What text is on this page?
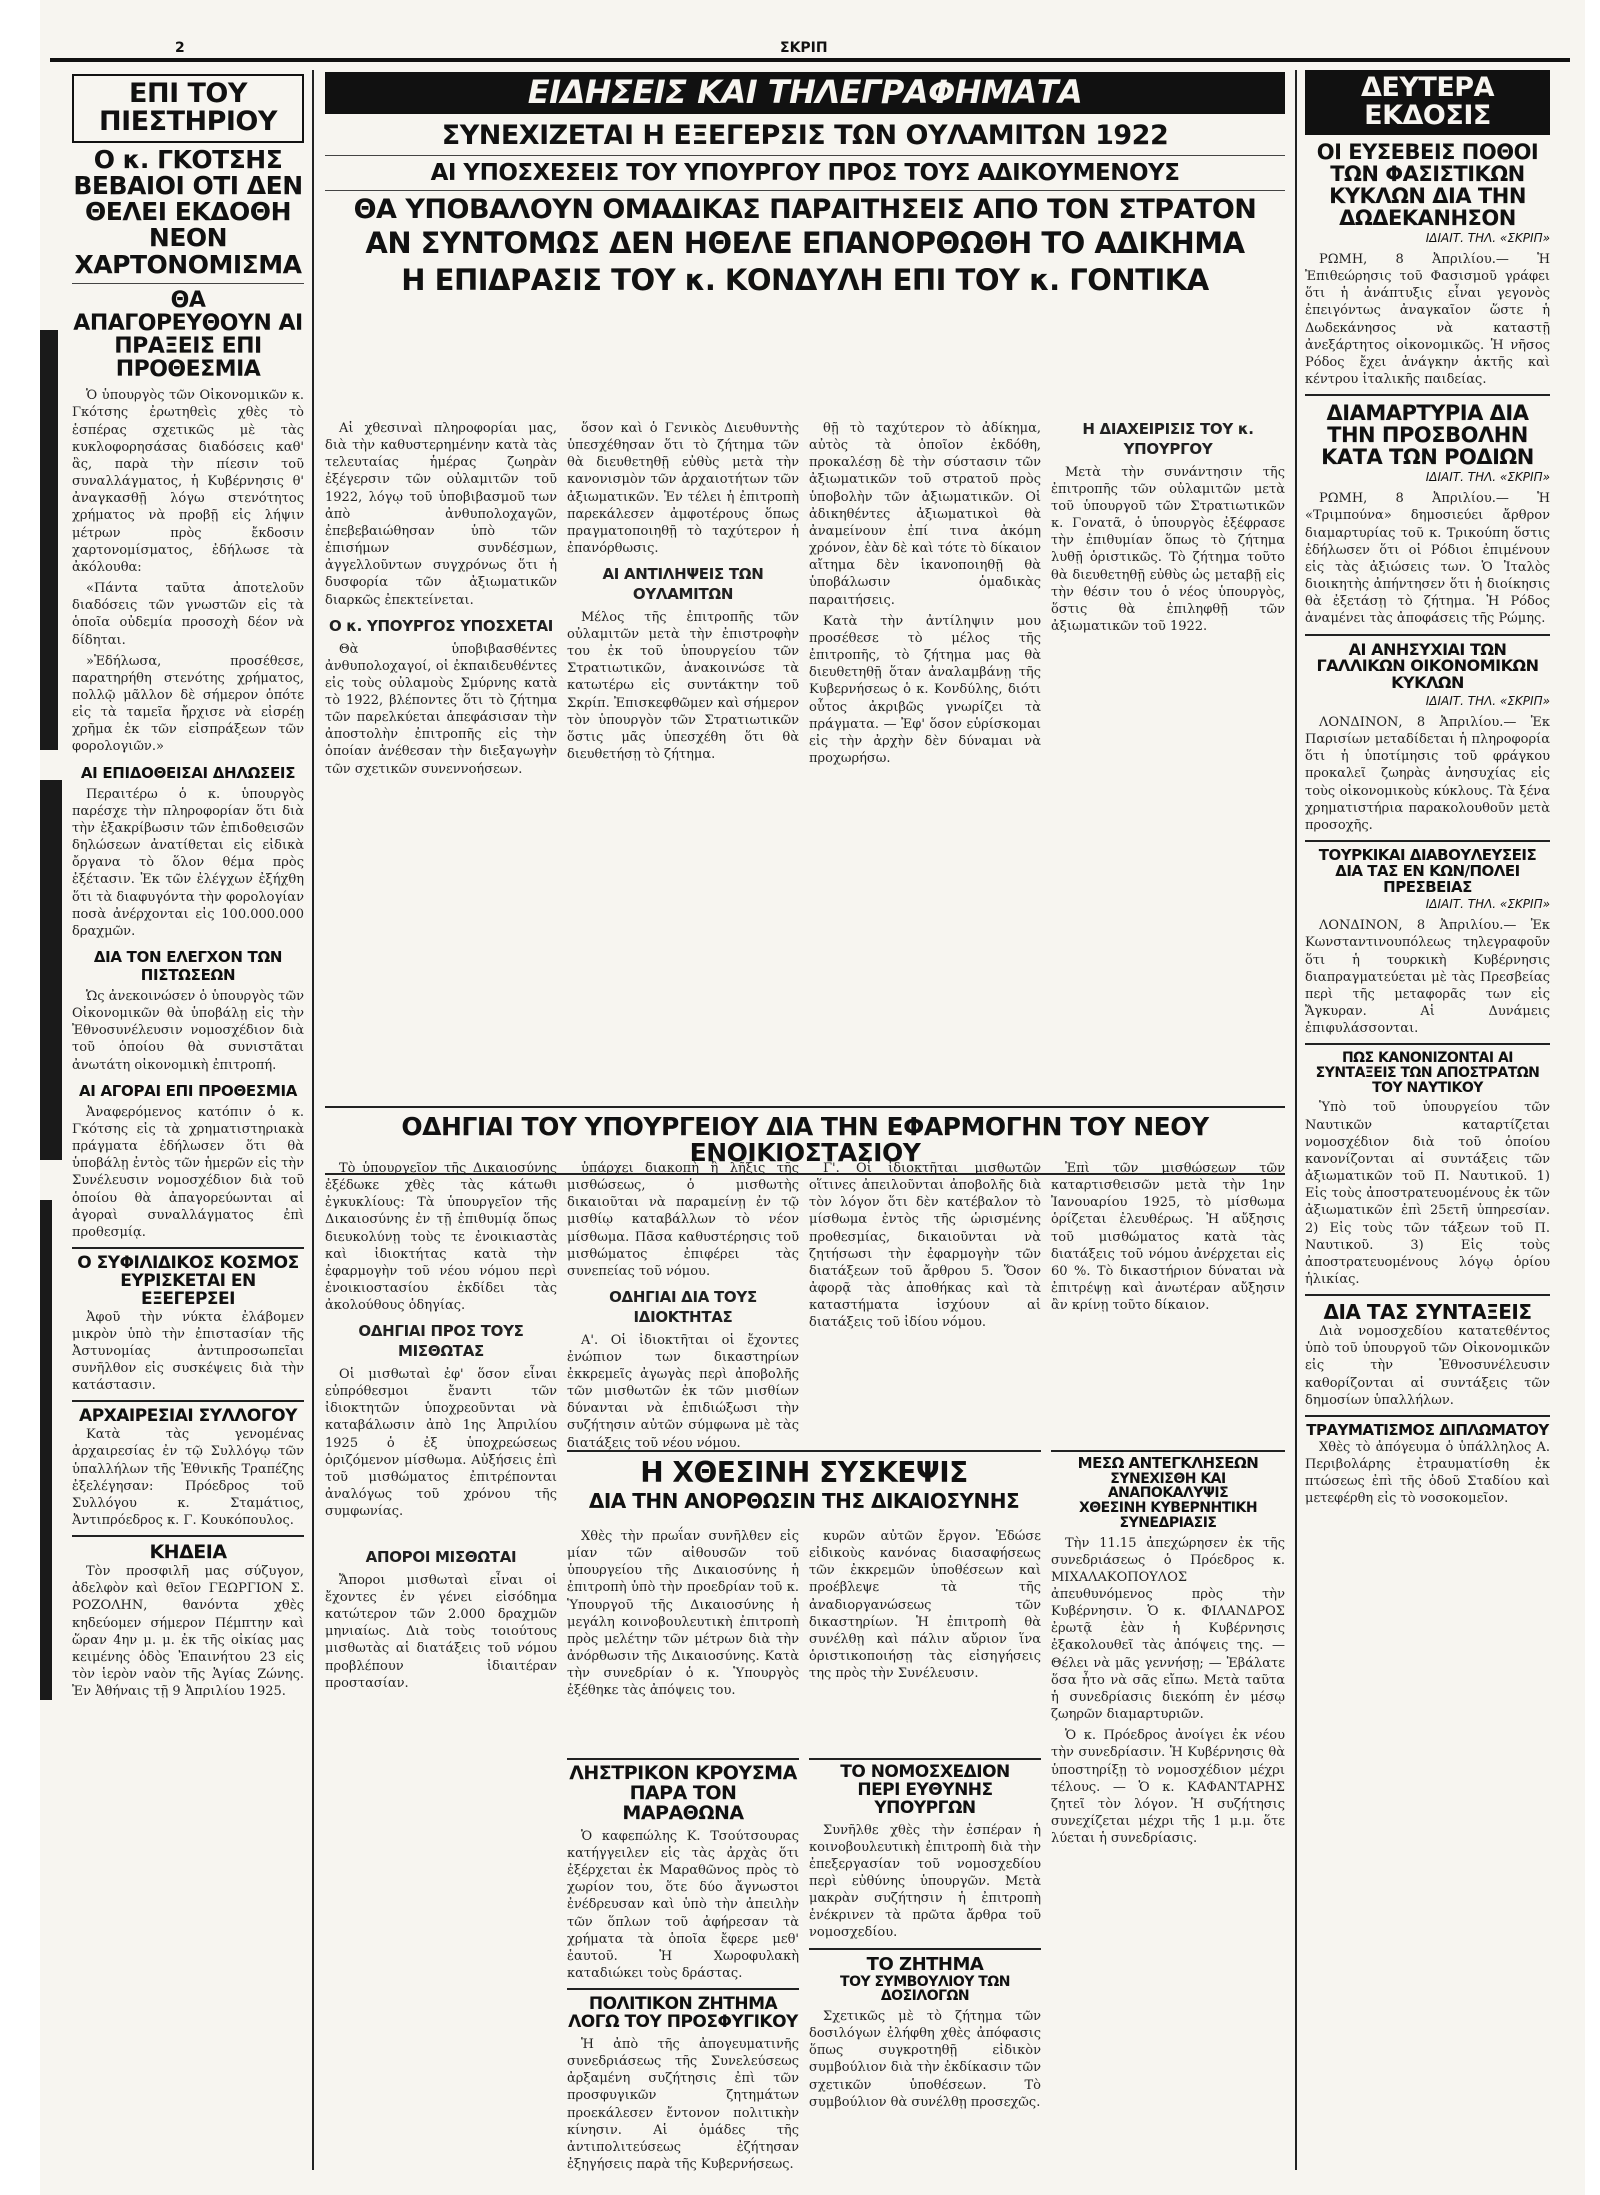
2	ΣΚΡΙΠ
ΕΠΙ ΤΟΥ ΠΙΕΣΤΗΡΙΟΥ
Ο κ. ΓΚΟΤΣΗΣ ΒΕΒΑΙΟΙ ΟΤΙ ΔΕΝ ΘΕΛΕΙ ΕΚΔΟΘΗ ΝΕΟΝ ΧΑΡΤΟΝΟΜΙΣΜΑ
ΘΑ ΑΠΑΓΟΡΕΥΘΟΥΝ ΑΙ ΠΡΑΞΕΙΣ ΕΠΙ ΠΡΟΘΕΣΜΙΑ

Ὁ ὑπουργὸς τῶν Οἰκονομικῶν κ. Γκότσης ἐρωτηθεὶς χθὲς τὸ ἑσπέρας σχετικῶς μὲ τὰς κυκλοφορησάσας διαδόσεις καθ' ἃς, παρὰ τὴν πίεσιν τοῦ συναλλάγματος, ἡ Κυβέρνησις θ' ἀναγκασθῇ λόγω στενότητος χρήματος νὰ προβῇ εἰς λήψιν μέτρων πρὸς ἔκδοσιν χαρτονομίσματος, ἐδήλωσε τὰ ἀκόλουθα:

«Πάντα ταῦτα ἀποτελοῦν διαδόσεις τῶν γνωστῶν εἰς τὰ ὁποῖα οὐδεμία προσοχὴ δέον νὰ δίδηται.

»Ἐδήλωσα, προσέθεσε, παρατηρήθη στενότης χρήματος, πολλῷ μᾶλλον δὲ σήμερον ὁπότε εἰς τὰ ταμεῖα ἤρχισε νὰ εἰσρέῃ χρῆμα ἐκ τῶν εἰσπράξεων τῶν φορολογιῶν.»

ΑΙ ΕΠΙΔΟΘΕΙΣΑΙ ΔΗΛΩΣΕΙΣ

Περαιτέρω ὁ κ. ὑπουργὸς παρέσχε τὴν πληροφορίαν ὅτι διὰ τὴν ἐξακρίβωσιν τῶν ἐπιδοθεισῶν δηλώσεων ἀνατίθεται εἰς εἰδικὰ ὄργανα τὸ ὅλον θέμα πρὸς ἐξέτασιν. Ἐκ τῶν ἐλέγχων ἐξήχθη ὅτι τὰ διαφυγόντα τὴν φορολογίαν ποσὰ ἀνέρχονται εἰς 100.000.000 δραχμῶν.

ΔΙΑ ΤΟΝ ΕΛΕΓΧΟΝ ΤΩΝ ΠΙΣΤΩΣΕΩΝ

Ὡς ἀνεκοινώσεν ὁ ὑπουργὸς τῶν Οἰκονομικῶν θὰ ὑποβάλῃ εἰς τὴν Ἐθνοσυνέλευσιν νομοσχέδιον διὰ τοῦ ὁποίου θὰ συνιστᾶται ἀνωτάτη οἰκονομικὴ ἐπιτροπή.

ΑΙ ΑΓΟΡΑΙ ΕΠΙ ΠΡΟΘΕΣΜΙΑ

Ἀναφερόμενος κατόπιν ὁ κ. Γκότσης εἰς τὰ χρηματιστηριακὰ πράγματα ἐδήλωσεν ὅτι θὰ ὑποβάλῃ ἐντὸς τῶν ἡμερῶν εἰς τὴν Συνέλευσιν νομοσχέδιον διὰ τοῦ ὁποίου θὰ ἀπαγορεύωνται αἱ ἀγοραὶ συναλλάγματος ἐπὶ προθεσμίᾳ.

Ο ΣΥΦΙΛΙΔΙΚΟΣ ΚΟΣΜΟΣ ΕΥΡΙΣΚΕΤΑΙ ΕΝ ΕΞΕΓΕΡΣΕΙ

Ἀφοῦ τὴν νύκτα ἐλάβομεν μικρὸν ὑπὸ τὴν ἐπιστασίαν τῆς Ἀστυνομίας ἀντιπροσωπεῖαι συνῆλθον εἰς συσκέψεις διὰ τὴν κατάστασιν.

ΑΡΧΑΙΡΕΣΙΑΙ ΣΥΛΛΟΓΟΥ

Κατὰ τὰς γενομένας ἀρχαιρεσίας ἐν τῷ Συλλόγῳ τῶν ὑπαλλήλων τῆς Ἐθνικῆς Τραπέζης ἐξελέγησαν: Πρόεδρος τοῦ Συλλόγου κ. Σταμάτιος, Ἀντιπρόεδρος κ. Γ. Κουκόπουλος.

ΚΗΔΕΙΑ

Τὸν προσφιλῆ μας σύζυγον, ἀδελφὸν καὶ θεῖον ΓΕΩΡΓΙΟΝ Σ. ΡΟΖΟΛΗΝ, θανόντα χθὲς κηδεύομεν σήμερον Πέμπτην καὶ ὥραν 4ην μ. μ. ἐκ τῆς οἰκίας μας κειμένης ὁδὸς Ἐπαινήτου 23 εἰς τὸν ἱερὸν ναὸν τῆς Ἁγίας Ζώνης. Ἐν Ἀθήναις τῇ 9 Ἀπριλίου 1925.

ΕΙΔΗΣΕΙΣ ΚΑΙ ΤΗΛΕΓΡΑΦΗΜΑΤΑ
ΣΥΝΕΧΙΖΕΤΑΙ Η ΕΞΕΓΕΡΣΙΣ ΤΩΝ ΟΥΛΑΜΙΤΩΝ 1922
ΑΙ ΥΠΟΣΧΕΣΕΙΣ ΤΟΥ ΥΠΟΥΡΓΟΥ ΠΡΟΣ ΤΟΥΣ ΑΔΙΚΟΥΜΕΝΟΥΣ
ΘΑ ΥΠΟΒΑΛΟΥΝ ΟΜΑΔΙΚΑΣ ΠΑΡΑΙΤΗΣΕΙΣ ΑΠΟ ΤΟΝ ΣΤΡΑΤΟΝ
ΑΝ ΣΥΝΤΟΜΩΣ ΔΕΝ ΗΘΕΛΕ ΕΠΑΝΟΡΘΩΘΗ ΤΟ ΑΔΙΚΗΜΑ
Η ΕΠΙΔΡΑΣΙΣ ΤΟΥ κ. ΚΟΝΔΥΛΗ ΕΠΙ ΤΟΥ κ. ΓΟΝΤΙΚΑ

Αἱ χθεσιναὶ πληροφορίαι μας, διὰ τὴν καθυστερημένην κατὰ τὰς τελευταίας ἡμέρας ζωηρὰν ἐξέγερσιν τῶν οὐλαμιτῶν τοῦ 1922, λόγῳ τοῦ ὑποβιβασμοῦ των ἀπὸ ἀνθυπολοχαγῶν, ἐπεβεβαιώθησαν ὑπὸ τῶν ἐπισήμων συνδέσμων, ἀγγελλοῦντων συγχρόνως ὅτι ἡ δυσφορία τῶν ἀξιωματικῶν διαρκῶς ἐπεκτείνεται.

Ο κ. ΥΠΟΥΡΓΟΣ ΥΠΟΣΧΕΤΑΙ

Θὰ ὑποβιβασθέντες ἀνθυπολοχαγοί, οἱ ἐκπαιδευθέντες εἰς τοὺς οὐλαμοὺς Σμύρνης κατὰ τὸ 1922, βλέποντες ὅτι τὸ ζήτημα τῶν παρελκύεται ἀπεφάσισαν τὴν ἀποστολὴν ἐπιτροπῆς εἰς τὴν ὁποίαν ἀνέθεσαν τὴν διεξαγωγὴν τῶν σχετικῶν συνεννοήσεων.

ὅσον καὶ ὁ Γενικὸς Διευθυντὴς ὑπεσχέθησαν ὅτι τὸ ζήτημα τῶν θὰ διευθετηθῇ εὐθὺς μετὰ τὴν κανονισμὸν τῶν ἀρχαιοτήτων τῶν ἀξιωματικῶν. Ἐν τέλει ἡ ἐπιτροπὴ παρεκάλεσεν ἀμφοτέρους ὅπως πραγματοποιηθῇ τὸ ταχύτερον ἡ ἐπανόρθωσις.

ΑΙ ΑΝΤΙΛΗΨΕΙΣ ΤΩΝ ΟΥΛΑΜΙΤΩΝ

Μέλος τῆς ἐπιτροπῆς τῶν οὐλαμιτῶν μετὰ τὴν ἐπιστροφὴν του ἐκ τοῦ ὑπουργείου τῶν Στρατιωτικῶν, ἀνακοινώσε τὰ κατωτέρω εἰς συντάκτην τοῦ Σκρίπ. Ἐπισκεφθῶμεν καὶ σήμερον τὸν ὑπουργὸν τῶν Στρατιωτικῶν ὅστις μᾶς ὑπεσχέθη ὅτι θὰ διευθετήσῃ τὸ ζήτημα.

θῇ τὸ ταχύτερον τὸ ἀδίκημα, αὐτὸς τὰ ὁποῖον ἐκδόθη, προκαλέσῃ δὲ τὴν σύστασιν τῶν ἀξιωματικῶν τοῦ στρατοῦ πρὸς ὑποβολὴν τῶν ἀξιωματικῶν. Οἱ ἀδικηθέντες ἀξιωματικοὶ θὰ ἀναμείνουν ἐπί τινα ἀκόμη χρόνον, ἐὰν δὲ καὶ τότε τὸ δίκαιον αἴτημα δὲν ἱκανοποιηθῇ θὰ ὑποβάλωσιν ὁμαδικὰς παραιτήσεις.

Κατὰ τὴν ἀντίληψιν μου προσέθεσε τὸ μέλος τῆς ἐπιτροπῆς, τὸ ζήτημα μας θὰ διευθετηθῇ ὅταν ἀναλαμβάνῃ τῆς Κυβερνήσεως ὁ κ. Κονδύλης, διότι οὗτος ἀκριβῶς γνωρίζει τὰ πράγματα. — Ἐφ' ὅσον εὑρίσκομαι εἰς τὴν ἀρχὴν δὲν δύναμαι νὰ προχωρήσω.

Η ΔΙΑΧΕΙΡΙΣΙΣ ΤΟΥ κ. ΥΠΟΥΡΓΟΥ

Μετὰ τὴν συνάντησιν τῆς ἐπιτροπῆς τῶν οὐλαμιτῶν μετὰ τοῦ ὑπουργοῦ τῶν Στρατιωτικῶν κ. Γονατᾶ, ὁ ὑπουργὸς ἐξέφρασε τὴν ἐπιθυμίαν ὅπως τὸ ζήτημα λυθῇ ὁριστικῶς. Τὸ ζήτημα τοῦτο θὰ διευθετηθῇ εὐθὺς ὡς μεταβῇ εἰς τὴν θέσιν του ὁ νέος ὑπουργὸς, ὅστις θὰ ἐπιληφθῇ τῶν ἀξιωματικῶν τοῦ 1922.

ΟΔΗΓΙΑΙ ΤΟΥ ΥΠΟΥΡΓΕΙΟΥ ΔΙΑ ΤΗΝ ΕΦΑΡΜΟΓΗΝ ΤΟΥ ΝΕΟΥ ΕΝΟΙΚΙΟΣΤΑΣΙΟΥ

Τὸ ὑπουργεῖον τῆς Δικαιοσύνης ἐξέδωκε χθὲς τὰς κάτωθι ἐγκυκλίους: Τὰ ὑπουργεῖον τῆς Δικαιοσύνης ἐν τῇ ἐπιθυμίᾳ ὅπως διευκολύνῃ τοὺς τε ἐνοικιαστὰς καὶ ἰδιοκτήτας κατὰ τὴν ἐφαρμογὴν τοῦ νέου νόμου περὶ ἐνοικιοστασίου ἐκδίδει τὰς ἀκολούθους ὁδηγίας.

ΟΔΗΓΙΑΙ ΠΡΟΣ ΤΟΥΣ ΜΙΣΘΩΤΑΣ

Οἱ μισθωταὶ ἐφ' ὅσον εἶναι εὐπρόθεσμοι ἔναντι τῶν ἰδιοκτητῶν ὑποχρεοῦνται νὰ καταβάλωσιν ἀπὸ 1ης Ἀπριλίου 1925 ὁ ἐξ ὑποχρεώσεως ὁριζόμενον μίσθωμα. Αὐξήσεις ἐπὶ τοῦ μισθώματος ἐπιτρέπονται ἀναλόγως τοῦ χρόνου τῆς συμφωνίας.

ὑπάρχει διακοπὴ ἢ λῆξις τῆς μισθώσεως, ὁ μισθωτὴς δικαιοῦται νὰ παραμείνῃ ἐν τῷ μισθίῳ καταβάλλων τὸ νέον μίσθωμα. Πᾶσα καθυστέρησις τοῦ μισθώματος ἐπιφέρει τὰς συνεπείας τοῦ νόμου.

ΟΔΗΓΙΑΙ ΔΙΑ ΤΟΥΣ ΙΔΙΟΚΤΗΤΑΣ

Α'. Οἱ ἰδιοκτῆται οἱ ἔχοντες ἐνώπιον των δικαστηρίων ἐκκρεμεῖς ἀγωγὰς περὶ ἀποβολῆς τῶν μισθωτῶν ἐκ τῶν μισθίων δύνανται νὰ ἐπιδιώξωσι τὴν συζήτησιν αὐτῶν σύμφωνα μὲ τὰς διατάξεις τοῦ νέου νόμου.

Γ'. Οἱ ἰδιοκτῆται μισθωτῶν οἵτινες ἀπειλοῦνται ἀποβολῆς διὰ τὸν λόγον ὅτι δὲν κατέβαλον τὸ μίσθωμα ἐντὸς τῆς ὡρισμένης προθεσμίας, δικαιοῦνται νὰ ζητήσωσι τὴν ἐφαρμογὴν τῶν διατάξεων τοῦ ἄρθρου 5. Ὅσον ἀφορᾷ τὰς ἀποθήκας καὶ τὰ καταστήματα ἰσχύουν αἱ διατάξεις τοῦ ἰδίου νόμου.

Ἐπὶ τῶν μισθώσεων τῶν καταρτισθεισῶν μετὰ τὴν 1ην Ἰανουαρίου 1925, τὸ μίσθωμα ὁρίζεται ἐλευθέρως. Ἡ αὔξησις τοῦ μισθώματος κατὰ τὰς διατάξεις τοῦ νόμου ἀνέρχεται εἰς 60 %. Τὸ δικαστήριον δύναται νὰ ἐπιτρέψῃ καὶ ἀνωτέραν αὔξησιν ἂν κρίνῃ τοῦτο δίκαιον.

ΑΠΟΡΟΙ ΜΙΣΘΩΤΑΙ

Ἄποροι μισθωταὶ εἶναι οἱ ἔχοντες ἐν γένει εἰσόδημα κατώτερον τῶν 2.000 δραχμῶν μηνιαίως. Διὰ τοὺς τοιούτους μισθωτὰς αἱ διατάξεις τοῦ νόμου προβλέπουν ἰδιαιτέραν προστασίαν.

Η ΧΘΕΣΙΝΗ ΣΥΣΚΕΨΙΣ
ΔΙΑ ΤΗΝ ΑΝΟΡΘΩΣΙΝ ΤΗΣ ΔΙΚΑΙΟΣΥΝΗΣ

Χθὲς τὴν πρωΐαν συνῆλθεν εἰς μίαν τῶν αἰθουσῶν τοῦ ὑπουργείου τῆς Δικαιοσύνης ἡ ἐπιτροπὴ ὑπὸ τὴν προεδρίαν τοῦ κ. Ὑπουργοῦ τῆς Δικαιοσύνης ἡ μεγάλη κοινοβουλευτικὴ ἐπιτροπὴ πρὸς μελέτην τῶν μέτρων διὰ τὴν ἀνόρθωσιν τῆς Δικαιοσύνης. Κατὰ τὴν συνεδρίαν ὁ κ. Ὑπουργὸς ἐξέθηκε τὰς ἀπόψεις του.

κυρῶν αὐτῶν ἔργον. Ἐδώσε εἰδικοὺς κανόνας διασαφήσεως τῶν ἐκκρεμῶν ὑποθέσεων καὶ προέβλεψε τὰ τῆς ἀναδιοργανώσεως τῶν δικαστηρίων. Ἡ ἐπιτροπὴ θὰ συνέλθῃ καὶ πάλιν αὔριον ἵνα ὁριστικοποιήσῃ τὰς εἰσηγήσεις της πρὸς τὴν Συνέλευσιν.

ΛΗΣΤΡΙΚΟΝ ΚΡΟΥΣΜΑ
ΠΑΡΑ ΤΟΝ ΜΑΡΑΘΩΝΑ

Ὁ καφεπώλης Κ. Τσούτσουρας κατήγγειλεν εἰς τὰς ἀρχὰς ὅτι ἐξέρχεται ἐκ Μαραθῶνος πρὸς τὸ χωρίον του, ὅτε δύο ἄγνωστοι ἐνέδρευσαν καὶ ὑπὸ τὴν ἀπειλὴν τῶν ὅπλων τοῦ ἀφήρεσαν τὰ χρήματα τὰ ὁποῖα ἔφερε μεθ' ἑαυτοῦ. Ἡ Χωροφυλακὴ καταδιώκει τοὺς δράστας.

ΠΟΛΙΤΙΚΟΝ ΖΗΤΗΜΑ ΛΟΓΩ ΤΟΥ ΠΡΟΣΦΥΓΙΚΟΥ

Ἡ ἀπὸ τῆς ἀπογευματινῆς συνεδριάσεως τῆς Συνελεύσεως ἀρξαμένη συζήτησις ἐπὶ τῶν προσφυγικῶν ζητημάτων προεκάλεσεν ἔντονον πολιτικὴν κίνησιν. Αἱ ὁμάδες τῆς ἀντιπολιτεύσεως ἐζήτησαν ἐξηγήσεις παρὰ τῆς Κυβερνήσεως.

ΤΟ ΝΟΜΟΣΧΕΔΙΟΝ
ΠΕΡΙ ΕΥΘΥΝΗΣ ΥΠΟΥΡΓΩΝ

Συνῆλθε χθὲς τὴν ἑσπέραν ἡ κοινοβουλευτικὴ ἐπιτροπὴ διὰ τὴν ἐπεξεργασίαν τοῦ νομοσχεδίου περὶ εὐθύνης ὑπουργῶν. Μετὰ μακρὰν συζήτησιν ἡ ἐπιτροπὴ ἐνέκρινεν τὰ πρῶτα ἄρθρα τοῦ νομοσχεδίου.

ΤΟ ΖΗΤΗΜΑ
ΤΟΥ ΣΥΜΒΟΥΛΙΟΥ ΤΩΝ ΔΟΣΙΛΟΓΩΝ

Σχετικῶς μὲ τὸ ζήτημα τῶν δοσιλόγων ἐλήφθη χθὲς ἀπόφασις ὅπως συγκροτηθῇ εἰδικὸν συμβούλιον διὰ τὴν ἐκδίκασιν τῶν σχετικῶν ὑποθέσεων. Τὸ συμβούλιον θὰ συνέλθῃ προσεχῶς.

ΜΕΣΩ ΑΝΤΕΓΚΛΗΣΕΩΝ
ΣΥΝΕΧΙΣΘΗ ΚΑΙ ΑΝΑΠΟΚΑΛΥΨΙΣ
ΧΘΕΣΙΝΗ ΚΥΒΕΡΝΗΤΙΚΗ ΣΥΝΕΔΡΙΑΣΙΣ

Τὴν 11.15 ἀπεχώρησεν ἐκ τῆς συνεδριάσεως ὁ Πρόεδρος κ. ΜΙΧΑΛΑΚΟΠΟΥΛΟΣ ἀπευθυνόμενος πρὸς τὴν Κυβέρνησιν. Ὁ κ. ΦΙΛΑΝΔΡΟΣ ἐρωτᾷ ἐὰν ἡ Κυβέρνησις ἐξακολουθεῖ τὰς ἀπόψεις της. — Θέλει νὰ μᾶς γεννήσῃ; — Ἐβάλατε ὅσα ἦτο νὰ σᾶς εἴπω. Μετὰ ταῦτα ἡ συνεδρίασις διεκόπη ἐν μέσῳ ζωηρῶν διαμαρτυριῶν.

Ὁ κ. Πρόεδρος ἀνοίγει ἐκ νέου τὴν συνεδρίασιν. Ἡ Κυβέρνησις θὰ ὑποστηρίξῃ τὸ νομοσχέδιον μέχρι τέλους. — Ὁ κ. ΚΑΦΑΝΤΑΡΗΣ ζητεῖ τὸν λόγον. Ἡ συζήτησις συνεχίζεται μέχρι τῆς 1 μ.μ. ὅτε λύεται ἡ συνεδρίασις.

ΔΕΥΤΕΡΑ ΕΚΔΟΣΙΣ
ΟΙ ΕΥΣΕΒΕΙΣ ΠΟΘΟΙ ΤΩΝ ΦΑΣΙΣΤΙΚΩΝ ΚΥΚΛΩΝ ΔΙΑ ΤΗΝ ΔΩΔΕΚΑΝΗΣΟΝ
ΙΔΙΑΙΤ. ΤΗΛ. «ΣΚΡΙΠ»

ΡΩΜΗ, 8 Ἀπριλίου.— Ἡ Ἐπιθεώρησις τοῦ Φασισμοῦ γράφει ὅτι ἡ ἀνάπτυξις εἶναι γεγονὸς ἐπειγόντως ἀναγκαῖον ὥστε ἡ Δωδεκάνησος νὰ καταστῇ ἀνεξάρτητος οἰκονομικῶς. Ἡ νῆσος Ρόδος ἔχει ἀνάγκην ἀκτῆς καὶ κέντρου ἰταλικῆς παιδείας.

ΔΙΑΜΑΡΤΥΡΙΑ ΔΙΑ ΤΗΝ ΠΡΟΣΒΟΛΗΝ ΚΑΤΑ ΤΩΝ ΡΟΔΙΩΝ
ΙΔΙΑΙΤ. ΤΗΛ. «ΣΚΡΙΠ»

ΡΩΜΗ, 8 Ἀπριλίου.— Ἡ «Τριμπούνα» δημοσιεύει ἄρθρον διαμαρτυρίας τοῦ κ. Τρικούπη ὅστις ἐδήλωσεν ὅτι οἱ Ρόδιοι ἐπιμένουν εἰς τὰς ἀξιώσεις των. Ὁ Ἰταλὸς διοικητὴς ἀπήντησεν ὅτι ἡ διοίκησις θὰ ἐξετάσῃ τὸ ζήτημα. Ἡ Ρόδος ἀναμένει τὰς ἀποφάσεις τῆς Ρώμης.

ΑΙ ΑΝΗΣΥΧΙΑΙ ΤΩΝ ΓΑΛΛΙΚΩΝ ΟΙΚΟΝΟΜΙΚΩΝ ΚΥΚΛΩΝ
ΙΔΙΑΙΤ. ΤΗΛ. «ΣΚΡΙΠ»

ΛΟΝΔΙΝΟΝ, 8 Ἀπριλίου.— Ἐκ Παρισίων μεταδίδεται ἡ πληροφορία ὅτι ἡ ὑποτίμησις τοῦ φράγκου προκαλεῖ ζωηρὰς ἀνησυχίας εἰς τοὺς οἰκονομικοὺς κύκλους. Τὰ ξένα χρηματιστήρια παρακολουθοῦν μετὰ προσοχῆς.

ΤΟΥΡΚΙΚΑΙ ΔΙΑΒΟΥΛΕΥΣΕΙΣ ΔΙΑ ΤΑΣ ΕΝ ΚΩΝ/ΠΟΛΕΙ ΠΡΕΣΒΕΙΑΣ
ΙΔΙΑΙΤ. ΤΗΛ. «ΣΚΡΙΠ»

ΛΟΝΔΙΝΟΝ, 8 Ἀπριλίου.— Ἐκ Κωνσταντινουπόλεως τηλεγραφοῦν ὅτι ἡ τουρκικὴ Κυβέρνησις διαπραγματεύεται μὲ τὰς Πρεσβείας περὶ τῆς μεταφορᾶς των εἰς Ἄγκυραν. Αἱ Δυνάμεις ἐπιφυλάσσονται.

ΠΩΣ ΚΑΝΟΝΙΖΟΝΤΑΙ ΑΙ ΣΥΝΤΑΞΕΙΣ ΤΩΝ ΑΠΟΣΤΡΑΤΩΝ ΤΟΥ ΝΑΥΤΙΚΟΥ

Ὑπὸ τοῦ ὑπουργείου τῶν Ναυτικῶν καταρτίζεται νομοσχέδιον διὰ τοῦ ὁποίου κανονίζονται αἱ συντάξεις τῶν ἀξιωματικῶν τοῦ Π. Ναυτικοῦ. 1) Εἰς τοὺς ἀποστρατευομένους ἐκ τῶν ἀξιωματικῶν ἐπὶ 25ετῆ ὑπηρεσίαν. 2) Εἰς τοὺς τῶν τάξεων τοῦ Π. Ναυτικοῦ. 3) Εἰς τοὺς ἀποστρατευομένους λόγῳ ὁρίου ἡλικίας.

ΔΙΑ ΤΑΣ ΣΥΝΤΑΞΕΙΣ

Διὰ νομοσχεδίου κατατεθέντος ὑπὸ τοῦ ὑπουργοῦ τῶν Οἰκονομικῶν εἰς τὴν Ἐθνοσυνέλευσιν καθορίζονται αἱ συντάξεις τῶν δημοσίων ὑπαλλήλων.

ΤΡΑΥΜΑΤΙΣΜΟΣ ΔΙΠΛΩΜΑΤΟΥ

Χθὲς τὸ ἀπόγευμα ὁ ὑπάλληλος Α. Περιβολάρης ἐτραυματίσθη ἐκ πτώσεως ἐπὶ τῆς ὁδοῦ Σταδίου καὶ μετεφέρθη εἰς τὸ νοσοκομεῖον.
